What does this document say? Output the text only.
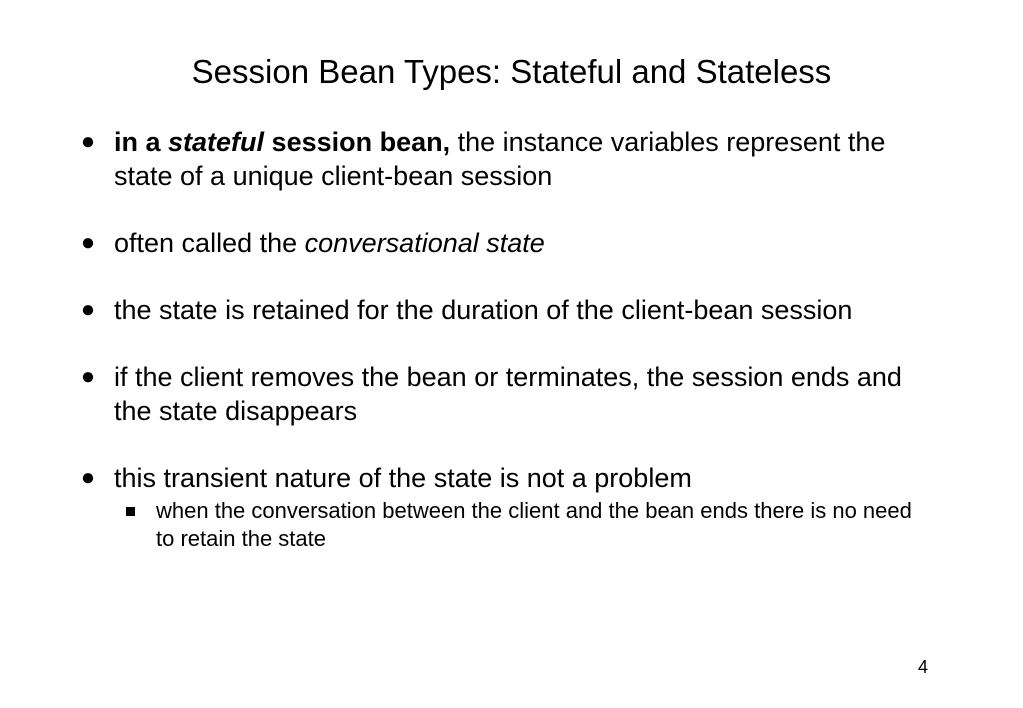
Session Bean Types: Stateful and Stateless
● in a stateful session bean, the instance variables represent the state of a unique client-bean session
● often called the conversational state
● the state is retained for the duration of the client-bean session
● if the client removes the bean or terminates, the session ends and the state disappears
● this transient nature of the state is not a problem
when the conversation between the client and the bean ends there is no need to retain the state
4
